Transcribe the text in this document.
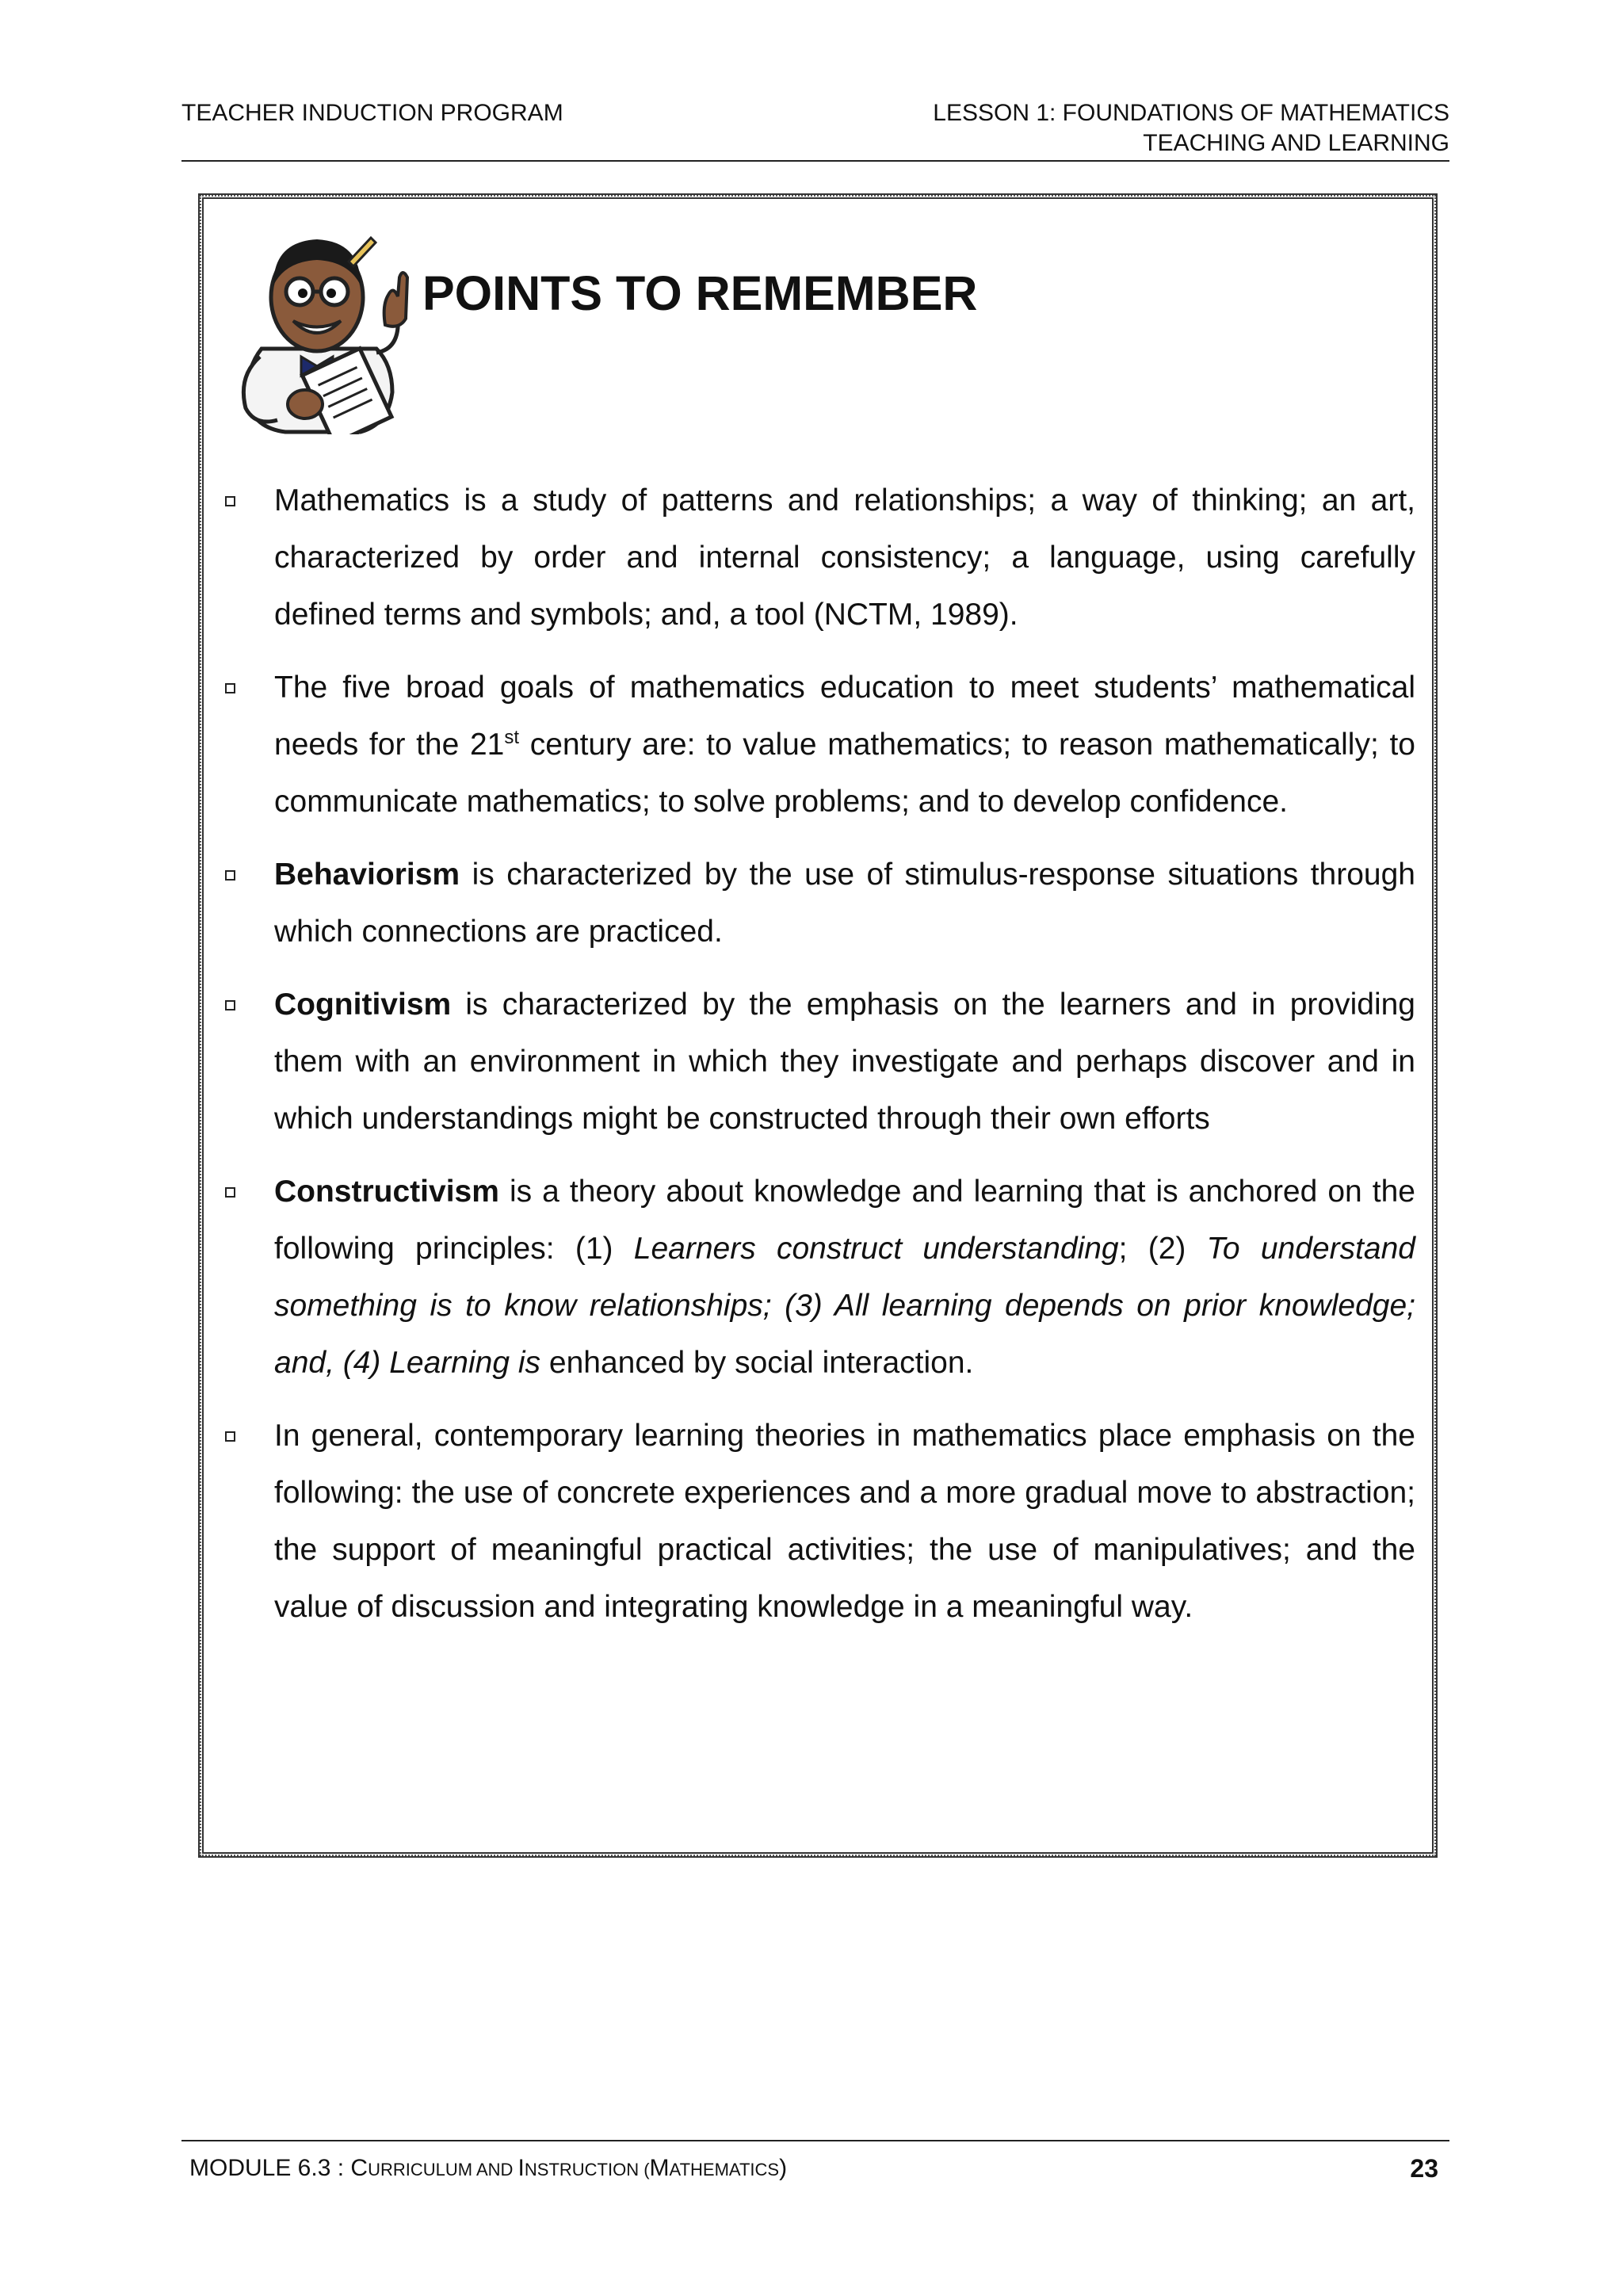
TEACHER INDUCTION PROGRAM	LESSON 1: FOUNDATIONS OF MATHEMATICS
TEACHING AND LEARNING
POINTS TO REMEMBER
Mathematics is a study of patterns and relationships; a way of thinking; an art, characterized by order and internal consistency; a language, using carefully defined terms and symbols; and, a tool (NCTM, 1989).
The five broad goals of mathematics education to meet students’ mathematical needs for the 21st century are: to value mathematics; to reason mathematically; to communicate mathematics; to solve problems; and to develop confidence.
Behaviorism is characterized by the use of stimulus-response situations through which connections are practiced.
Cognitivism is characterized by the emphasis on the learners and in providing them with an environment in which they investigate and perhaps discover and in which understandings might be constructed through their own efforts
Constructivism is a theory about knowledge and learning that is anchored on the following principles: (1) Learners construct understanding; (2) To understand something is to know relationships; (3) All learning depends on prior knowledge; and, (4) Learning is enhanced by social interaction.
In general, contemporary learning theories in mathematics place emphasis on the following: the use of concrete experiences and a more gradual move to abstraction; the support of meaningful practical activities; the use of manipulatives; and the value of discussion and integrating knowledge in a meaningful way.
MODULE 6.3 : CURRICULUM AND INSTRUCTION (MATHEMATICS)	23
